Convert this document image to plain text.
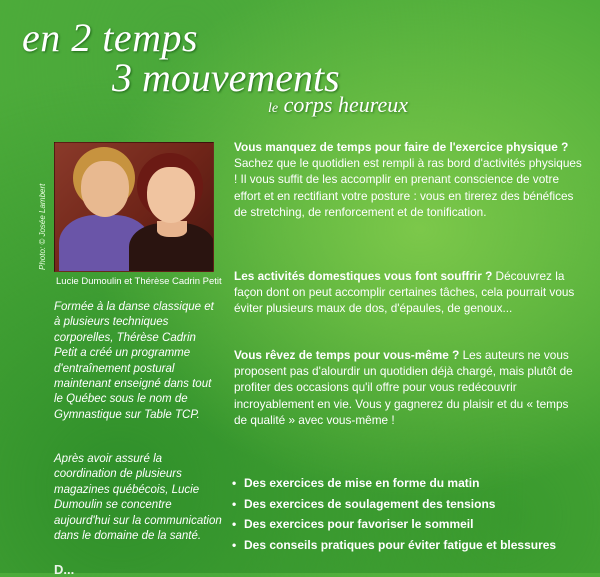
en 2 temps
3 mouvements
le corps heureux
Photo: © Josée Lambert
Lucie Dumoulin et Thérèse Cadrin Petit

Formée à la danse classique et à plusieurs techniques corporelles, Thérèse Cadrin Petit a créé un programme d'entraînement postural maintenant enseigné dans tout le Québec sous le nom de Gymnastique sur Table TCP.

Après avoir assuré la coordination de plusieurs magazines québécois, Lucie Dumoulin se concentre aujourd'hui sur la communication dans le domaine de la santé.

D...

Vous manquez de temps pour faire de l'exercice physique ? Sachez que le quotidien est rempli à ras bord d'activités physiques ! Il vous suffit de les accomplir en prenant conscience de votre effort et en rectifiant votre posture : vous en tirerez des bénéfices de stretching, de renforcement et de tonification.

Les activités domestiques vous font souffrir ? Découvrez la façon dont on peut accomplir certaines tâches, cela pourrait vous éviter plusieurs maux de dos, d'épaules, de genoux...

Vous rêvez de temps pour vous-même ? Les auteurs ne vous proposent pas d'alourdir un quotidien déjà chargé, mais plutôt de profiter des occasions qu'il offre pour vous redécouvrir incroyablement en vie. Vous y gagnerez du plaisir et du « temps de qualité » avec vous-même !

• Des exercices de mise en forme du matin
• Des exercices de soulagement des tensions
• Des exercices pour favoriser le sommeil
• Des conseils pratiques pour éviter fatigue et blessures
